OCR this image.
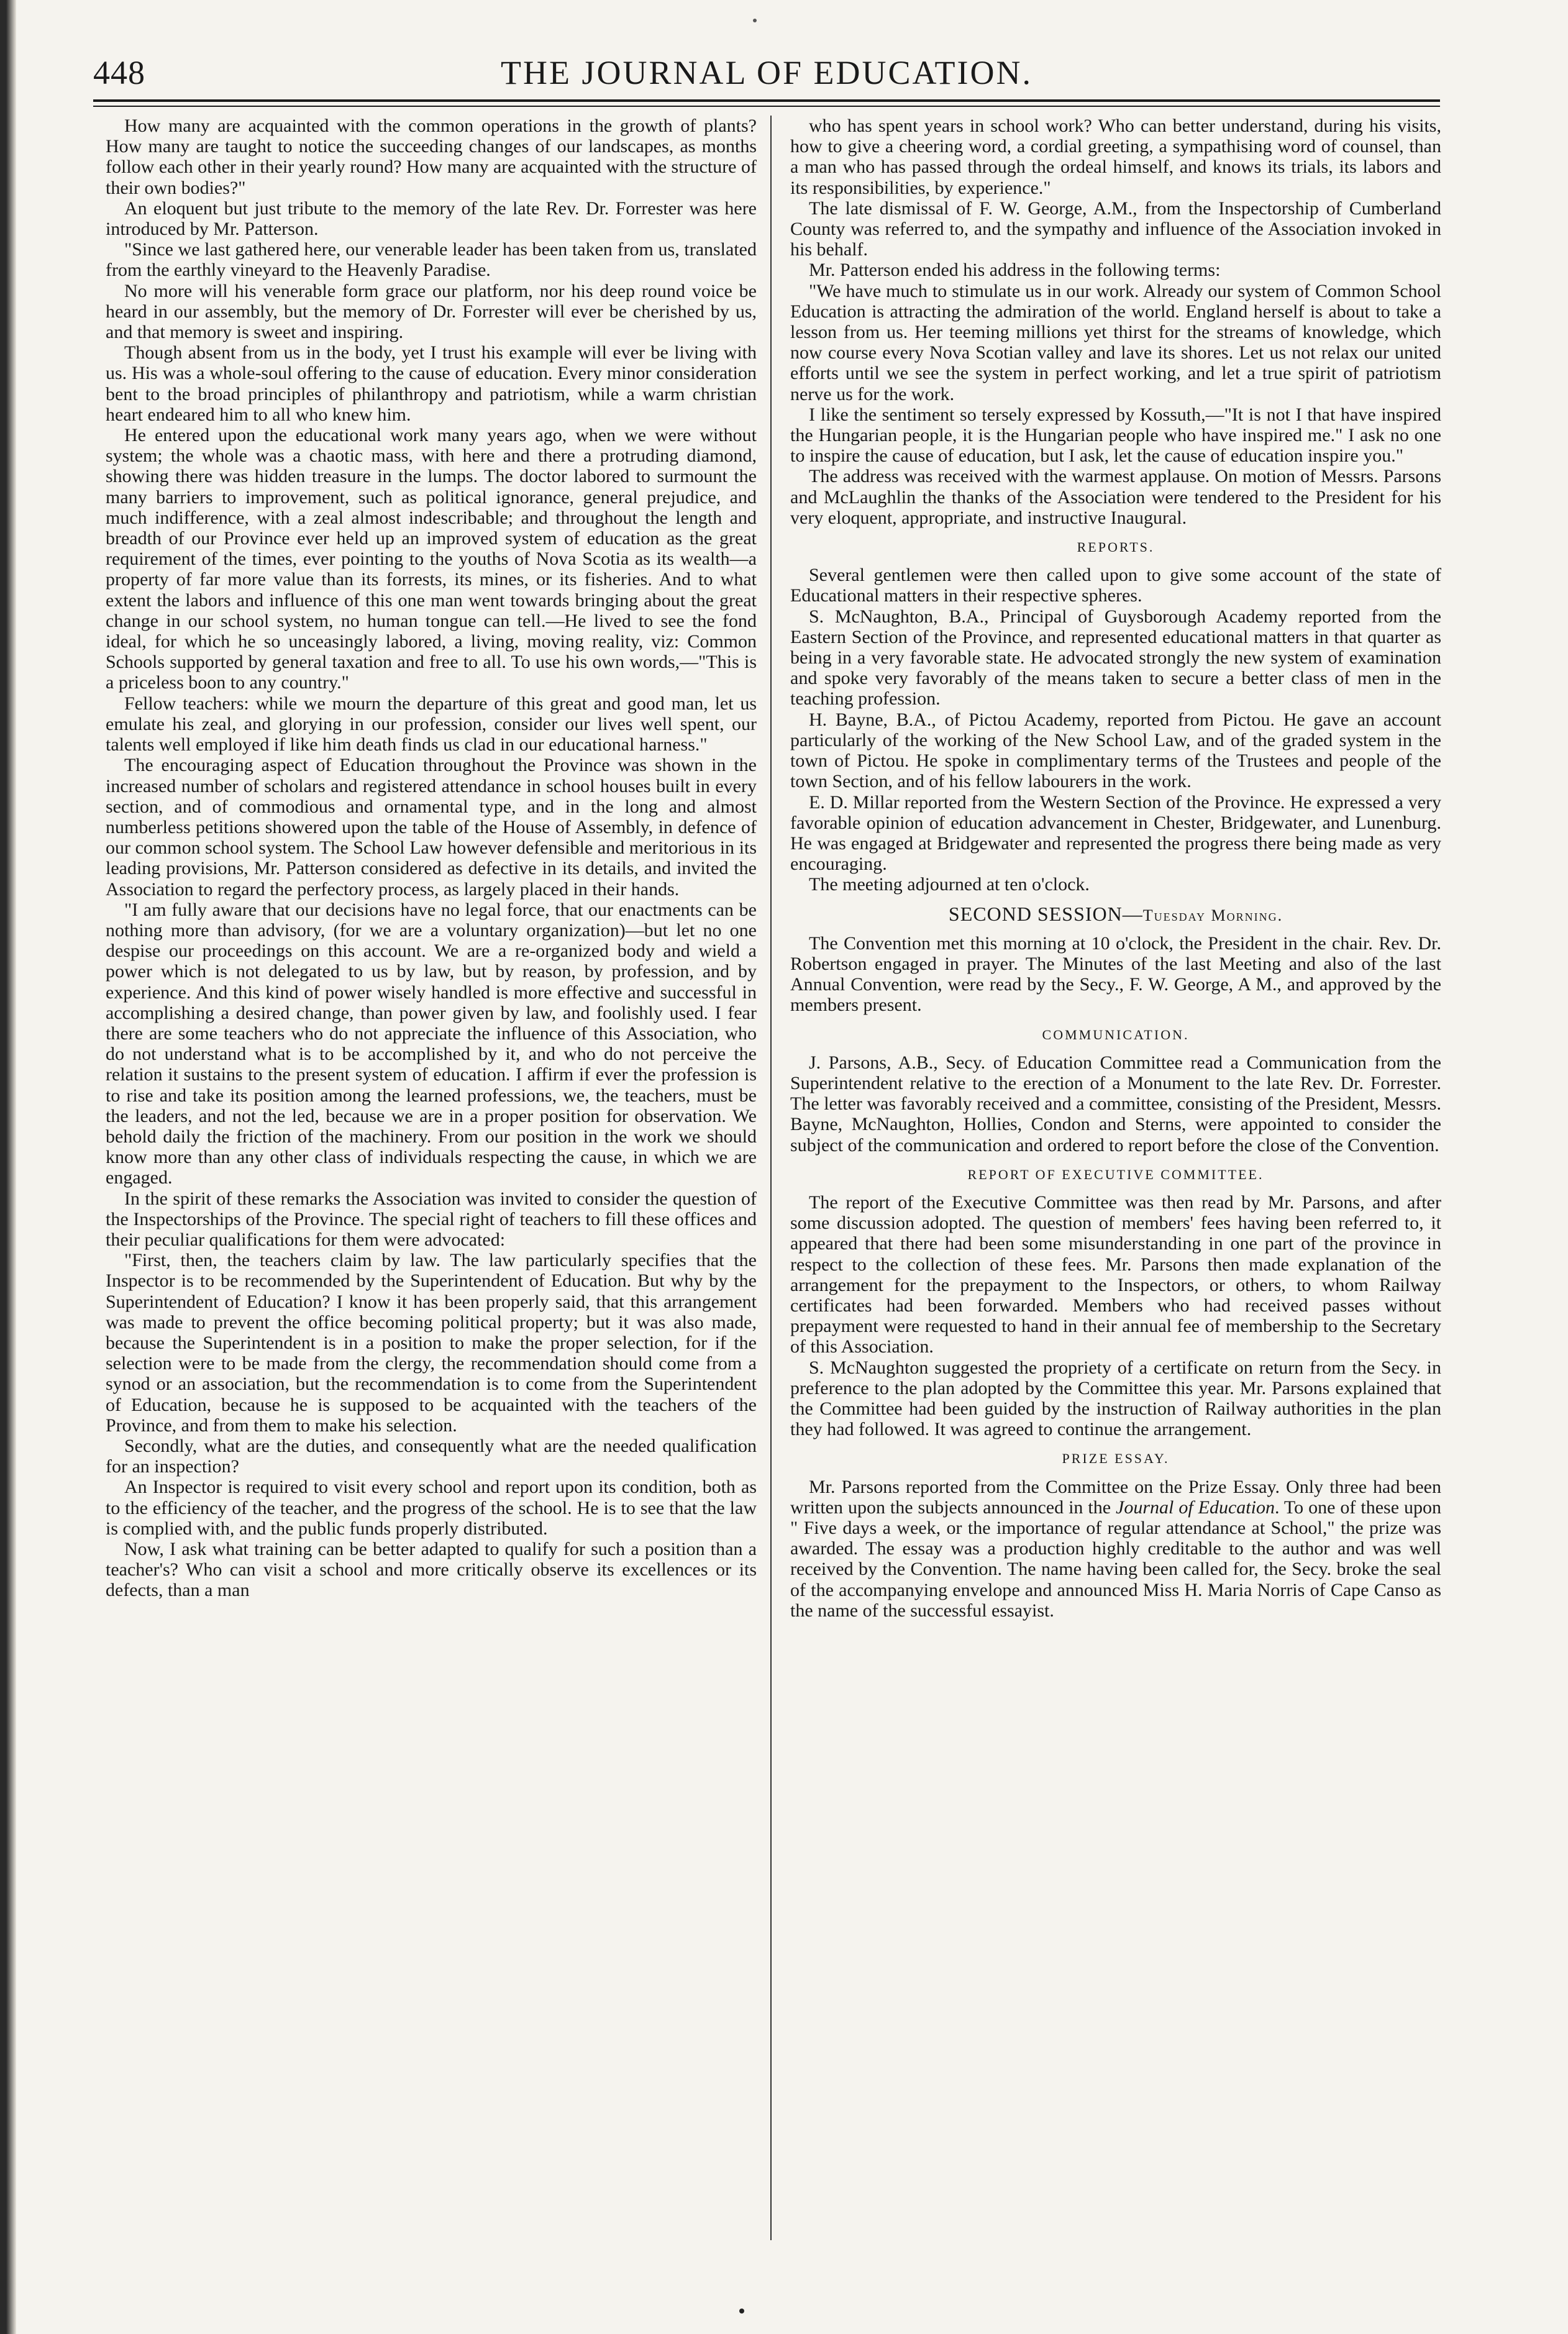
448	THE JOURNAL OF EDUCATION.

How many are acquainted with the common operations in the growth of plants? How many are taught to notice the succeeding changes of our landscapes, as months follow each other in their yearly round? How many are acquainted with the structure of their own bodies?"

An eloquent but just tribute to the memory of the late Rev. Dr. Forrester was here introduced by Mr. Patterson.

"Since we last gathered here, our venerable leader has been taken from us, translated from the earthly vineyard to the Heavenly Paradise.

No more will his venerable form grace our platform, nor his deep round voice be heard in our assembly, but the memory of Dr. Forrester will ever be cherished by us, and that memory is sweet and inspiring.

Though absent from us in the body, yet I trust his example will ever be living with us. His was a whole-soul offering to the cause of education. Every minor consideration bent to the broad principles of philanthropy and patriotism, while a warm christian heart endeared him to all who knew him.

He entered upon the educational work many years ago, when we were without system; the whole was a chaotic mass, with here and there a protruding diamond, showing there was hidden treasure in the lumps. The doctor labored to surmount the many barriers to improvement, such as political ignorance, general prejudice, and much indifference, with a zeal almost indescribable; and throughout the length and breadth of our Province ever held up an improved system of education as the great requirement of the times, ever pointing to the youths of Nova Scotia as its wealth—a property of far more value than its forrests, its mines, or its fisheries. And to what extent the labors and influence of this one man went towards bringing about the great change in our school system, no human tongue can tell.—He lived to see the fond ideal, for which he so unceasingly labored, a living, moving reality, viz: Common Schools supported by general taxation and free to all. To use his own words,—"This is a priceless boon to any country."

Fellow teachers: while we mourn the departure of this great and good man, let us emulate his zeal, and glorying in our profession, consider our lives well spent, our talents well employed if like him death finds us clad in our educational harness."

The encouraging aspect of Education throughout the Province was shown in the increased number of scholars and registered attendance in school houses built in every section, and of commodious and ornamental type, and in the long and almost numberless petitions showered upon the table of the House of Assembly, in defence of our common school system. The School Law however defensible and meritorious in its leading provisions, Mr. Patterson considered as defective in its details, and invited the Association to regard the perfectory process, as largely placed in their hands.

"I am fully aware that our decisions have no legal force, that our enactments can be nothing more than advisory, (for we are a voluntary organization)—but let no one despise our proceedings on this account. We are a re-organized body and wield a power which is not delegated to us by law, but by reason, by profession, and by experience. And this kind of power wisely handled is more effective and successful in accomplishing a desired change, than power given by law, and foolishly used. I fear there are some teachers who do not appreciate the influence of this Association, who do not understand what is to be accomplished by it, and who do not perceive the relation it sustains to the present system of education. I affirm if ever the profession is to rise and take its position among the learned professions, we, the teachers, must be the leaders, and not the led, because we are in a proper position for observation. We behold daily the friction of the machinery. From our position in the work we should know more than any other class of individuals respecting the cause, in which we are engaged.

In the spirit of these remarks the Association was invited to consider the question of the Inspectorships of the Province. The special right of teachers to fill these offices and their peculiar qualifications for them were advocated:

"First, then, the teachers claim by law. The law particularly specifies that the Inspector is to be recommended by the Superintendent of Education. But why by the Superintendent of Education? I know it has been properly said, that this arrangement was made to prevent the office becoming political property; but it was also made, because the Superintendent is in a position to make the proper selection, for if the selection were to be made from the clergy, the recommendation should come from a synod or an association, but the recommendation is to come from the Superintendent of Education, because he is supposed to be acquainted with the teachers of the Province, and from them to make his selection.

Secondly, what are the duties, and consequently what are the needed qualification for an inspection?

An Inspector is required to visit every school and report upon its condition, both as to the efficiency of the teacher, and the progress of the school. He is to see that the law is complied with, and the public funds properly distributed.

Now, I ask what training can be better adapted to qualify for such a position than a teacher's? Who can visit a school and more critically observe its excellences or its defects, than a man

who has spent years in school work? Who can better understand, during his visits, how to give a cheering word, a cordial greeting, a sympathising word of counsel, than a man who has passed through the ordeal himself, and knows its trials, its labors and its responsibilities, by experience."

The late dismissal of F. W. George, A.M., from the Inspectorship of Cumberland County was referred to, and the sympathy and influence of the Association invoked in his behalf.

Mr. Patterson ended his address in the following terms:

"We have much to stimulate us in our work. Already our system of Common School Education is attracting the admiration of the world. England herself is about to take a lesson from us. Her teeming millions yet thirst for the streams of knowledge, which now course every Nova Scotian valley and lave its shores. Let us not relax our united efforts until we see the system in perfect working, and let a true spirit of patriotism nerve us for the work.

I like the sentiment so tersely expressed by Kossuth,—"It is not I that have inspired the Hungarian people, it is the Hungarian people who have inspired me." I ask no one to inspire the cause of education, but I ask, let the cause of education inspire you."

The address was received with the warmest applause. On motion of Messrs. Parsons and McLaughlin the thanks of the Association were tendered to the President for his very eloquent, appropriate, and instructive Inaugural.

REPORTS.

Several gentlemen were then called upon to give some account of the state of Educational matters in their respective spheres.

S. McNaughton, B.A., Principal of Guysborough Academy reported from the Eastern Section of the Province, and represented educational matters in that quarter as being in a very favorable state. He advocated strongly the new system of examination and spoke very favorably of the means taken to secure a better class of men in the teaching profession.

H. Bayne, B.A., of Pictou Academy, reported from Pictou. He gave an account particularly of the working of the New School Law, and of the graded system in the town of Pictou. He spoke in complimentary terms of the Trustees and people of the town Section, and of his fellow labourers in the work.

E. D. Millar reported from the Western Section of the Province. He expressed a very favorable opinion of education advancement in Chester, Bridgewater, and Lunenburg. He was engaged at Bridgewater and represented the progress there being made as very encouraging.

The meeting adjourned at ten o'clock.

SECOND SESSION—Tuesday Morning.

The Convention met this morning at 10 o'clock, the President in the chair. Rev. Dr. Robertson engaged in prayer. The Minutes of the last Meeting and also of the last Annual Convention, were read by the Secy., F. W. George, A M., and approved by the members present.

COMMUNICATION.

J. Parsons, A.B., Secy. of Education Committee read a Communication from the Superintendent relative to the erection of a Monument to the late Rev. Dr. Forrester. The letter was favorably received and a committee, consisting of the President, Messrs. Bayne, McNaughton, Hollies, Condon and Sterns, were appointed to consider the subject of the communication and ordered to report before the close of the Convention.

REPORT OF EXECUTIVE COMMITTEE.

The report of the Executive Committee was then read by Mr. Parsons, and after some discussion adopted. The question of members' fees having been referred to, it appeared that there had been some misunderstanding in one part of the province in respect to the collection of these fees. Mr. Parsons then made explanation of the arrangement for the prepayment to the Inspectors, or others, to whom Railway certificates had been forwarded. Members who had received passes without prepayment were requested to hand in their annual fee of membership to the Secretary of this Association.

S. McNaughton suggested the propriety of a certificate on return from the Secy. in preference to the plan adopted by the Committee this year. Mr. Parsons explained that the Committee had been guided by the instruction of Railway authorities in the plan they had followed. It was agreed to continue the arrangement.

PRIZE ESSAY.

Mr. Parsons reported from the Committee on the Prize Essay. Only three had been written upon the subjects announced in the Journal of Education. To one of these upon " Five days a week, or the importance of regular attendance at School," the prize was awarded. The essay was a production highly creditable to the author and was well received by the Convention. The name having been called for, the Secy. broke the seal of the accompanying envelope and announced Miss H. Maria Norris of Cape Canso as the name of the successful essayist.
